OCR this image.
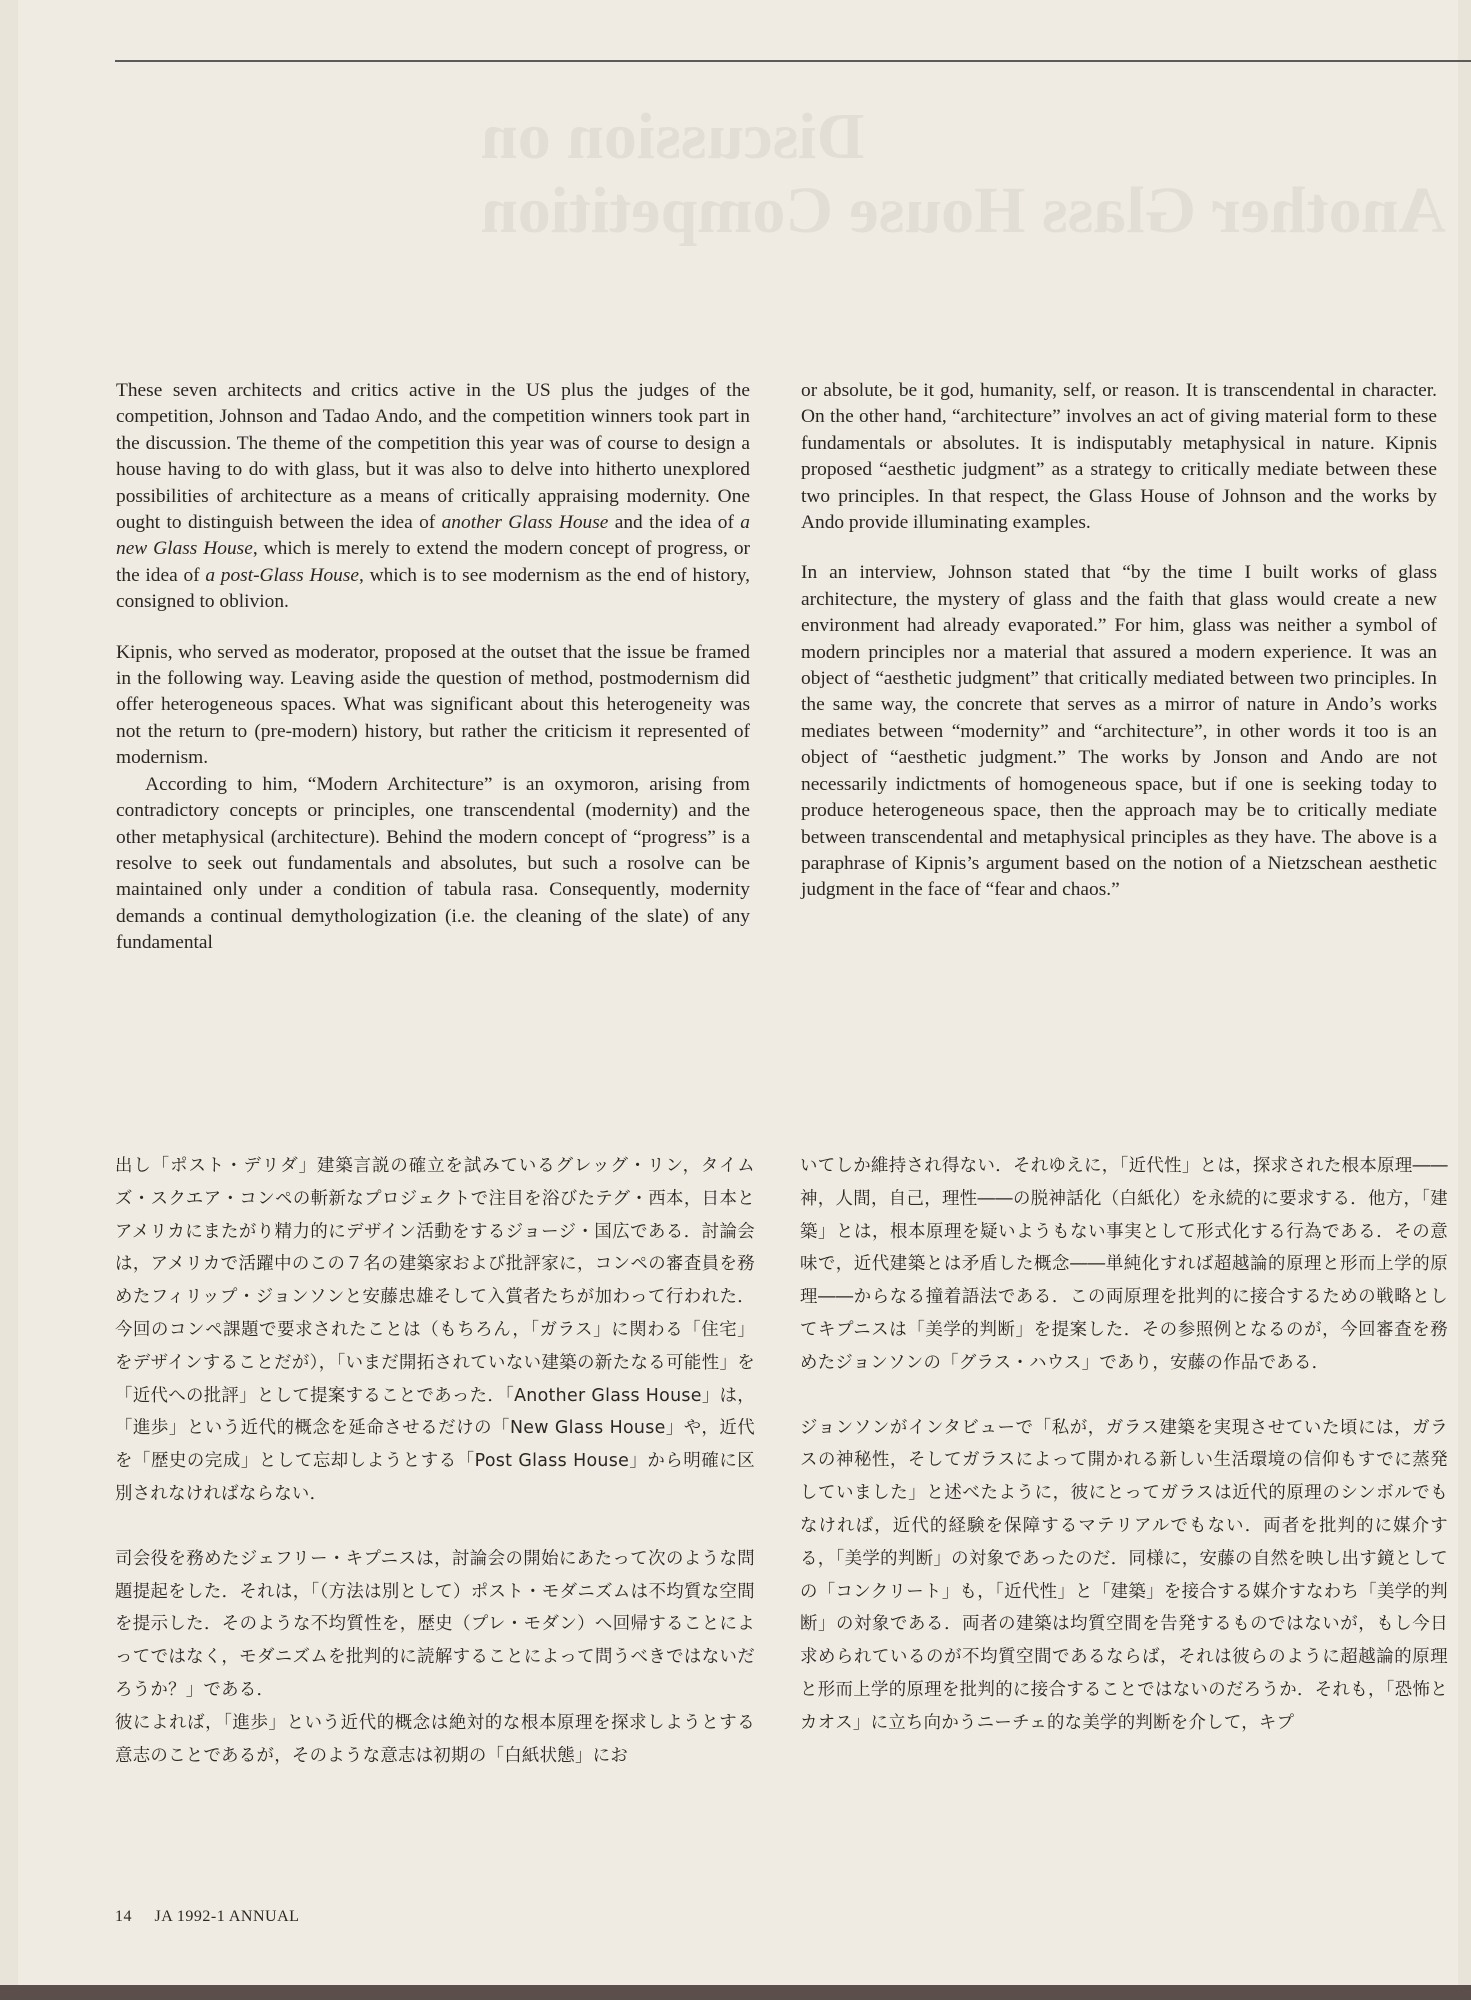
Discussion on
Another Glass House Competition

These seven architects and critics active in the US plus the judges of the competition, Johnson and Tadao Ando, and the competition winners took part in the discussion. The theme of the competition this year was of course to design a house having to do with glass, but it was also to delve into hitherto unexplored possibilities of architecture as a means of critically appraising modernity. One ought to distinguish between the idea of another Glass House and the idea of a new Glass House, which is merely to extend the modern concept of progress, or the idea of a post-Glass House, which is to see modernism as the end of history, consigned to oblivion.

Kipnis, who served as moderator, proposed at the outset that the issue be framed in the following way. Leaving aside the question of method, postmodernism did offer heterogeneous spaces. What was significant about this heterogeneity was not the return to (pre-modern) history, but rather the criticism it represented of modernism.

According to him, “Modern Architecture” is an oxymoron, arising from contradictory concepts or principles, one transcendental (modernity) and the other metaphysical (architecture). Behind the modern concept of “progress” is a resolve to seek out fundamentals and absolutes, but such a rosolve can be maintained only under a condition of tabula rasa. Consequently, modernity demands a continual demythologization (i.e. the cleaning of the slate) of any fundamental

or absolute, be it god, humanity, self, or reason. It is transcendental in character. On the other hand, “architecture” involves an act of giving material form to these fundamentals or absolutes. It is indisputably metaphysical in nature. Kipnis proposed “aesthetic judgment” as a strategy to critically mediate between these two principles. In that respect, the Glass House of Johnson and the works by Ando provide illuminating examples.

In an interview, Johnson stated that “by the time I built works of glass architecture, the mystery of glass and the faith that glass would create a new environment had already evaporated.” For him, glass was neither a symbol of modern principles nor a material that assured a modern experience. It was an object of “aesthetic judgment” that critically mediated between two principles. In the same way, the concrete that serves as a mirror of nature in Ando’s works mediates between “modernity” and “architecture”, in other words it too is an object of “aesthetic judgment.” The works by Jonson and Ando are not necessarily indictments of homogeneous space, but if one is seeking today to produce heterogeneous space, then the approach may be to critically mediate between transcendental and metaphysical principles as they have. The above is a paraphrase of Kipnis’s argument based on the notion of a Nietzschean aesthetic judgment in the face of “fear and chaos.”

出し「ポスト・デリダ」建築言説の確立を試みているグレッグ・リン，タイムズ・スクエア・コンペの斬新なプロジェクトで注目を浴びたテグ・西本，日本とアメリカにまたがり精力的にデザイン活動をするジョージ・国広である．討論会は，アメリカで活躍中のこの７名の建築家および批評家に，コンペの審査員を務めたフィリップ・ジョンソンと安藤忠雄そして入賞者たちが加わって行われた．今回のコンペ課題で要求されたことは（もちろん，「ガラス」に関わる「住宅」をデザインすることだが），「いまだ開拓されていない建築の新たなる可能性」を「近代への批評」として提案することであった．「Another Glass House」は，「進歩」という近代的概念を延命させるだけの「New Glass House」や，近代を「歴史の完成」として忘却しようとする「Post Glass House」から明確に区別されなければならない．

司会役を務めたジェフリー・キプニスは，討論会の開始にあたって次のような問題提起をした．それは，「（方法は別として）ポスト・モダニズムは不均質な空間を提示した．そのような不均質性を，歴史（プレ・モダン）へ回帰することによってではなく，モダニズムを批判的に読解することによって問うべきではないだろうか？」である．

彼によれば，「進歩」という近代的概念は絶対的な根本原理を探求しようとする意志のことであるが，そのような意志は初期の「白紙状態」にお

いてしか維持され得ない．それゆえに，「近代性」とは，探求された根本原理――神，人間，自己，理性――の脱神話化（白紙化）を永続的に要求する．他方，「建築」とは，根本原理を疑いようもない事実として形式化する行為である．その意味で，近代建築とは矛盾した概念――単純化すれば超越論的原理と形而上学的原理――からなる撞着語法である．この両原理を批判的に接合するための戦略としてキプニスは「美学的判断」を提案した．その参照例となるのが，今回審査を務めたジョンソンの「グラス・ハウス」であり，安藤の作品である．

ジョンソンがインタビューで「私が，ガラス建築を実現させていた頃には，ガラスの神秘性，そしてガラスによって開かれる新しい生活環境の信仰もすでに蒸発していました」と述べたように，彼にとってガラスは近代的原理のシンボルでもなければ，近代的経験を保障するマテリアルでもない．両者を批判的に媒介する，「美学的判断」の対象であったのだ．同様に，安藤の自然を映し出す鏡としての「コンクリート」も，「近代性」と「建築」を接合する媒介すなわち「美学的判断」の対象である．両者の建築は均質空間を告発するものではないが，もし今日求められているのが不均質空間であるならば，それは彼らのように超越論的原理と形而上学的原理を批判的に接合することではないのだろうか．それも，「恐怖とカオス」に立ち向かうニーチェ的な美学的判断を介して，キプ

14 JA 1992-1 ANNUAL
